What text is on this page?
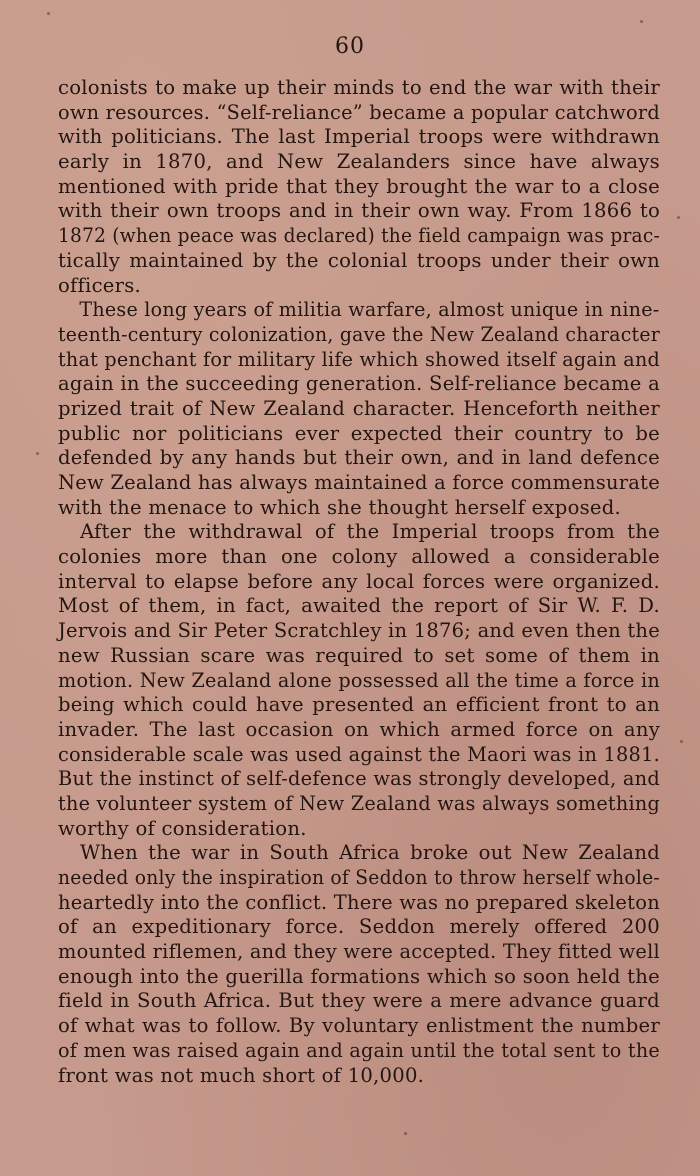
60
colonists to make up their minds to end the war with their
own resources. “Self-reliance” became a popular catchword
with politicians. The last Imperial troops were withdrawn
early in 1870, and New Zealanders since have always
mentioned with pride that they brought the war to a close
with their own troops and in their own way. From 1866 to
1872 (when peace was declared) the field campaign was prac-
tically maintained by the colonial troops under their own
officers.
These long years of militia warfare, almost unique in nine-
teenth-century colonization, gave the New Zealand character
that penchant for military life which showed itself again and
again in the succeeding generation. Self-reliance became a
prized trait of New Zealand character. Henceforth neither
public nor politicians ever expected their country to be
defended by any hands but their own, and in land defence
New Zealand has always maintained a force commensurate
with the menace to which she thought herself exposed.
After the withdrawal of the Imperial troops from the
colonies more than one colony allowed a considerable
interval to elapse before any local forces were organized.
Most of them, in fact, awaited the report of Sir W. F. D.
Jervois and Sir Peter Scratchley in 1876; and even then the
new Russian scare was required to set some of them in
motion. New Zealand alone possessed all the time a force in
being which could have presented an efficient front to an
invader. The last occasion on which armed force on any
considerable scale was used against the Maori was in 1881.
But the instinct of self-defence was strongly developed, and
the volunteer system of New Zealand was always something
worthy of consideration.
When the war in South Africa broke out New Zealand
needed only the inspiration of Seddon to throw herself whole-
heartedly into the conflict. There was no prepared skeleton
of an expeditionary force. Seddon merely offered 200
mounted riflemen, and they were accepted. They fitted well
enough into the guerilla formations which so soon held the
field in South Africa. But they were a mere advance guard
of what was to follow. By voluntary enlistment the number
of men was raised again and again until the total sent to the
front was not much short of 10,000.
